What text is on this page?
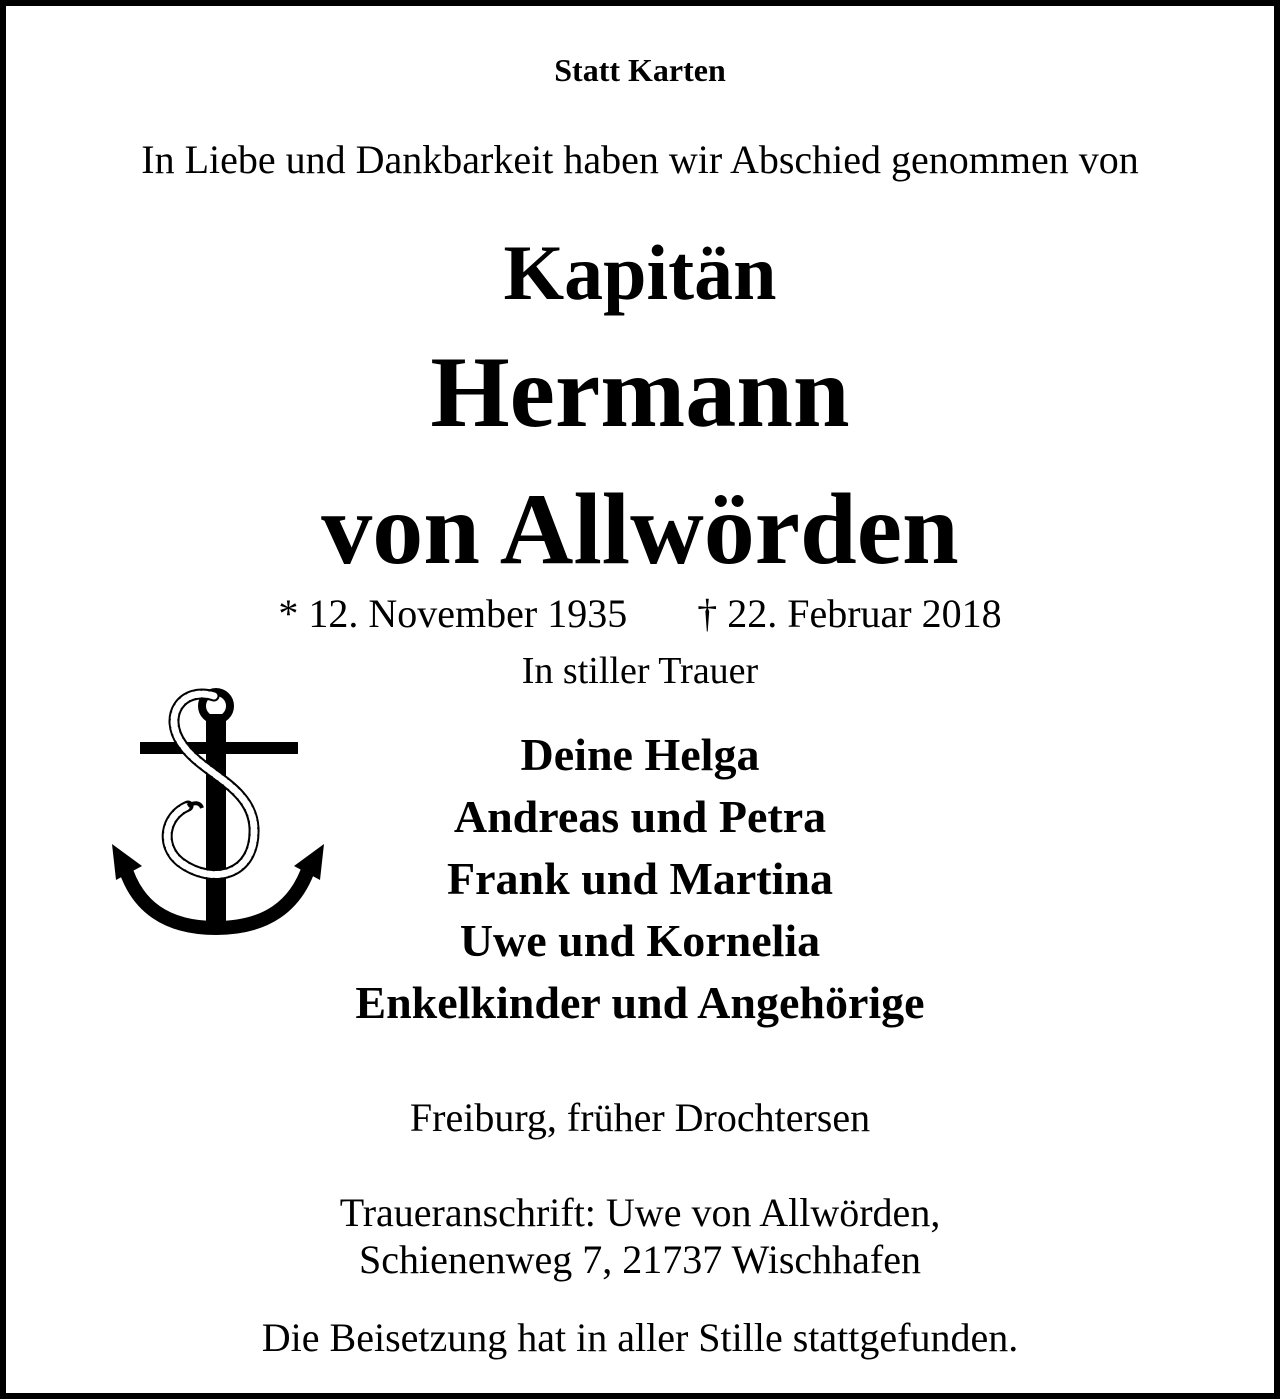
Statt Karten
In Liebe und Dankbarkeit haben wir Abschied genommen von
Kapitän
Hermann
von Allwörden
* 12. November 1935 † 22. Februar 2018
In stiller Trauer
Deine Helga
Andreas und Petra
Frank und Martina
Uwe und Kornelia
Enkelkinder und Angehörige
Freiburg, früher Drochtersen
Traueranschrift: Uwe von Allwörden,
Schienenweg 7, 21737 Wischhafen
Die Beisetzung hat in aller Stille stattgefunden.
